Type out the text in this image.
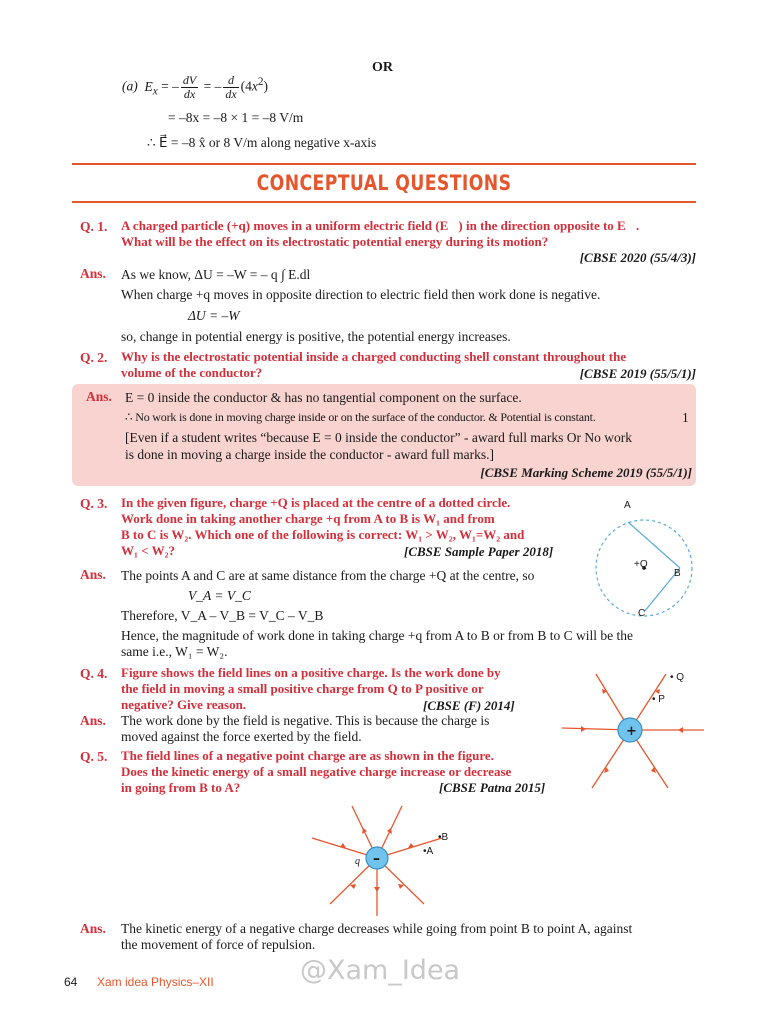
OR
(a) $E_x$ = – $\frac{dV}{dx}$ = – $\frac{d}{dx} (4x^2)$
= –8x = –8 × 1 = –8 V/m
∴ E⃗ = –8 x̂ or 8 V/m along negative x-axis
CONCEPTUAL QUESTIONS
Q. 1. A charged particle (+q) moves in a uniform electric field (E⃗) in the direction opposite to E⃗.
What will be the effect on its electrostatic potential energy during its motion?
[CBSE 2020 (55/4/3)]
Ans. As we know, ΔU = –W = – q ∫ E.dl
When charge +q moves in opposite direction to electric field then work done is negative.
ΔU = –W
so, change in potential energy is positive, the potential energy increases.
Q. 2. Why is the electrostatic potential inside a charged conducting shell constant throughout the
volume of the conductor?	[CBSE 2019 (55/5/1)]
Ans. E = 0 inside the conductor & has no tangential component on the surface.
∴ No work is done in moving charge inside or on the surface of the conductor. & Potential is constant.	1
[Even if a student writes “because E = 0 inside the conductor” - award full marks Or No work
is done in moving a charge inside the conductor - award full marks.]
[CBSE Marking Scheme 2019 (55/5/1)]
Q. 3. In the given figure, charge +Q is placed at the centre of a dotted circle.
Work done in taking another charge +q from A to B is W₁ and from
B to C is W₂. Which one of the following is correct: W₁ > W₂, W₁=W₂ and
W₁ < W₂?	[CBSE Sample Paper 2018]
Ans. The points A and C are at same distance from the charge +Q at the centre, so
V_A = V_C
Therefore, V_A – V_B = V_C – V_B
Hence, the magnitude of work done in taking charge +q from A to B or from B to C will be the
same i.e., W₁ = W₂.
A
B
C
+Q
Q. 4. Figure shows the field lines on a positive charge. Is the work done by
the field in moving a small positive charge from Q to P positive or
negative? Give reason.	[CBSE (F) 2014]
Ans. The work done by the field is negative. This is because the charge is
moved against the force exerted by the field.	+
• Q
• P
Q. 5. The field lines of a negative point charge are as shown in the figure.
Does the kinetic energy of a small negative charge increase or decrease
in going from B to A?	[CBSE Patna 2015]
–
q
•B
•A
Ans. The kinetic energy of a negative charge decreases while going from point B to point A, against
the movement of force of repulsion.
64 Xam idea Physics–XII	@Xam_Idea
